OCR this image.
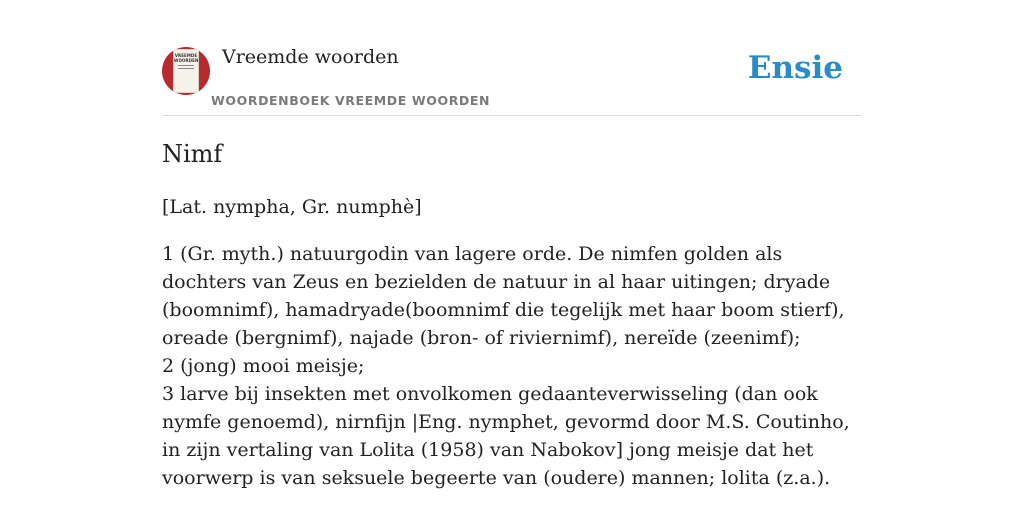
VREEMDE WOORDEN Vreemde woorden
WOORDENBOEK VREEMDE WOORDEN
Ensie
Nimf
[Lat. nympha, Gr. numphè]
1 (Gr. myth.) natuurgodin van lagere orde. De nimfen golden als dochters van Zeus en bezielden de natuur in al haar uitingen; dryade (boomnimf), hamadryade(boomnimf die tegelijk met haar boom stierf), oreade (bergnimf), najade (bron- of riviernimf), nereïde (zeenimf);
2 (jong) mooi meisje;
3 larve bij insekten met onvolkomen gedaanteverwisseling (dan ook nymfe genoemd), nirnfijn |Eng. nymphet, gevormd door M.S. Coutinho, in zijn vertaling van Lolita (1958) van Nabokov] jong meisje dat het voorwerp is van seksuele begeerte van (oudere) mannen; lolita (z.a.).
